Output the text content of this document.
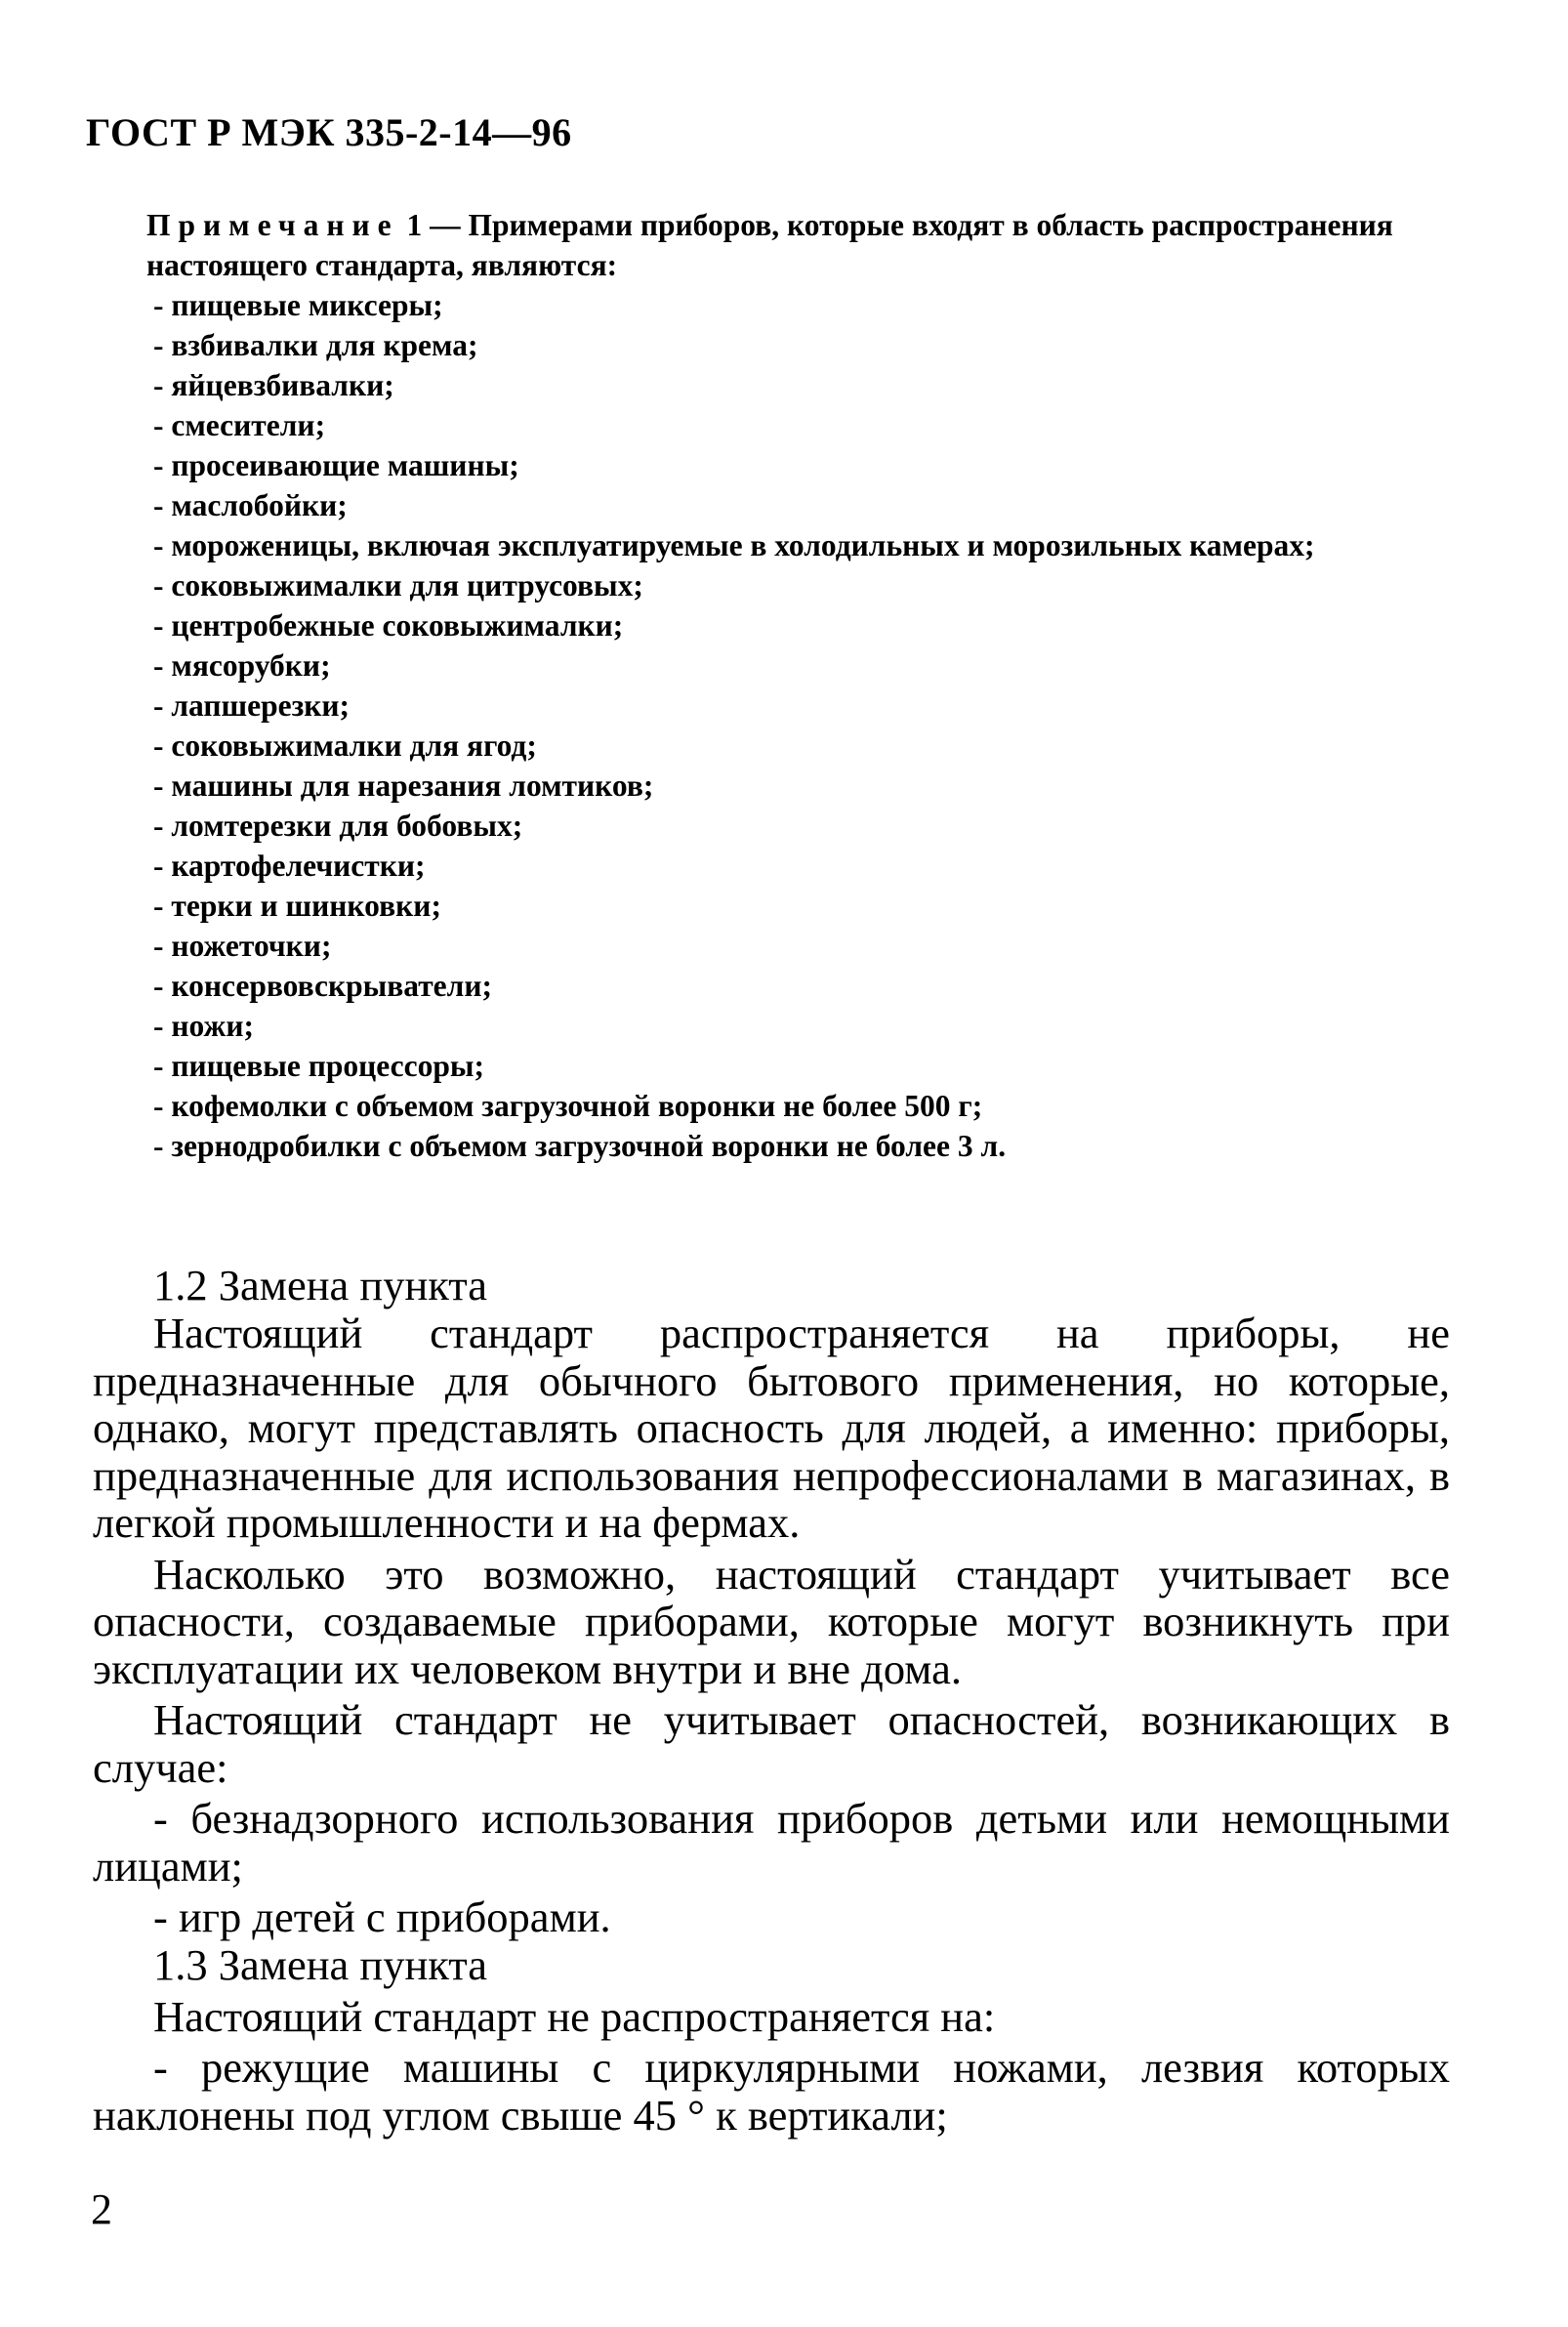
ГОСТ Р МЭК 335-2-14—96

Примечание 1 — Примерами приборов, которые входят в область распространения настоящего стандарта, являются:

- пищевые миксеры;
- взбивалки для крема;
- яйцевзбивалки;
- смесители;
- просеивающие машины;
- маслобойки;
- мороженицы, включая эксплуатируемые в холодильных и морозильных камерах;
- соковыжималки для цитрусовых;
- центробежные соковыжималки;
- мясорубки;
- лапшерезки;
- соковыжималки для ягод;
- машины для нарезания ломтиков;
- ломтерезки для бобовых;
- картофелечистки;
- терки и шинковки;
- ножеточки;
- консервовскрыватели;
- ножи;
- пищевые процессоры;
- кофемолки с объемом загрузочной воронки не более 500 г;
- зернодробилки с объемом загрузочной воронки не более 3 л.
1.2 Замена пункта

Настоящий стандарт распространяется на приборы, не предназначенные для обычного бытового применения, но которые, однако, могут представлять опасность для людей, а именно: приборы, предназначенные для использования непрофессионалами в магазинах, в легкой промышленности и на фермах.

Насколько это возможно, настоящий стандарт учитывает все опасности, создаваемые приборами, которые могут возникнуть при эксплуатации их человеком внутри и вне дома.

Настоящий стандарт не учитывает опасностей, возникающих в случае:

- безнадзорного использования приборов детьми или немощными лицами;

- игр детей с приборами.

1.3 Замена пункта

Настоящий стандарт не распространяется на:

- режущие машины с циркулярными ножами, лезвия которых наклонены под углом свыше 45 ° к вертикали;

2
